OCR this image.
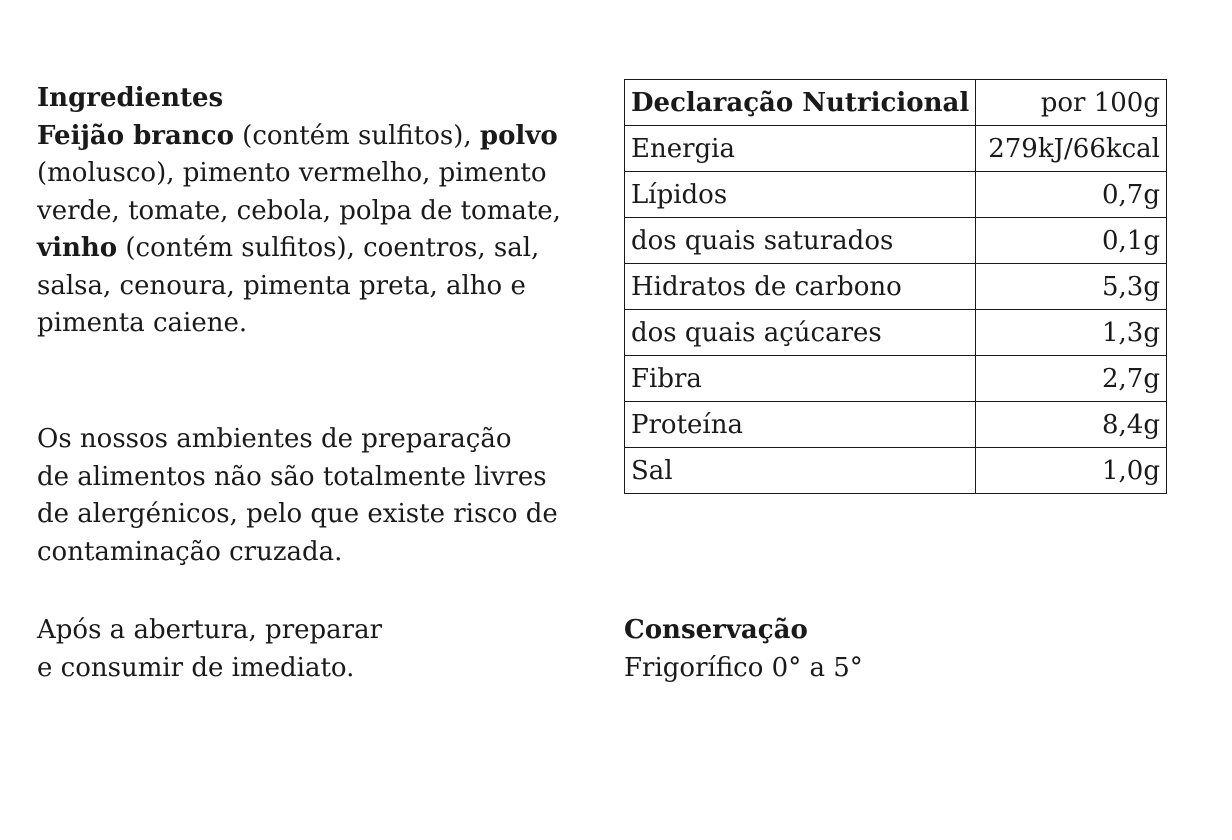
Ingredientes
Feijão branco (contém sulfitos), polvo (molusco), pimento vermelho, pimento verde, tomate, cebola, polpa de tomate, vinho (contém sulfitos), coentros, sal, salsa, cenoura, pimenta preta, alho e pimenta caiene.
Os nossos ambientes de preparação
de alimentos não são totalmente livres
de alergénicos, pelo que existe risco de
contaminação cruzada.
Após a abertura, preparar
e consumir de imediato.
Declaração Nutricional	por 100g
Energia	279kJ/66kcal
Lípidos	0,7g
dos quais saturados	0,1g
Hidratos de carbono	5,3g
dos quais açúcares	1,3g
Fibra	2,7g
Proteína	8,4g
Sal	1,0g
Conservação
Frigorífico 0° a 5°
